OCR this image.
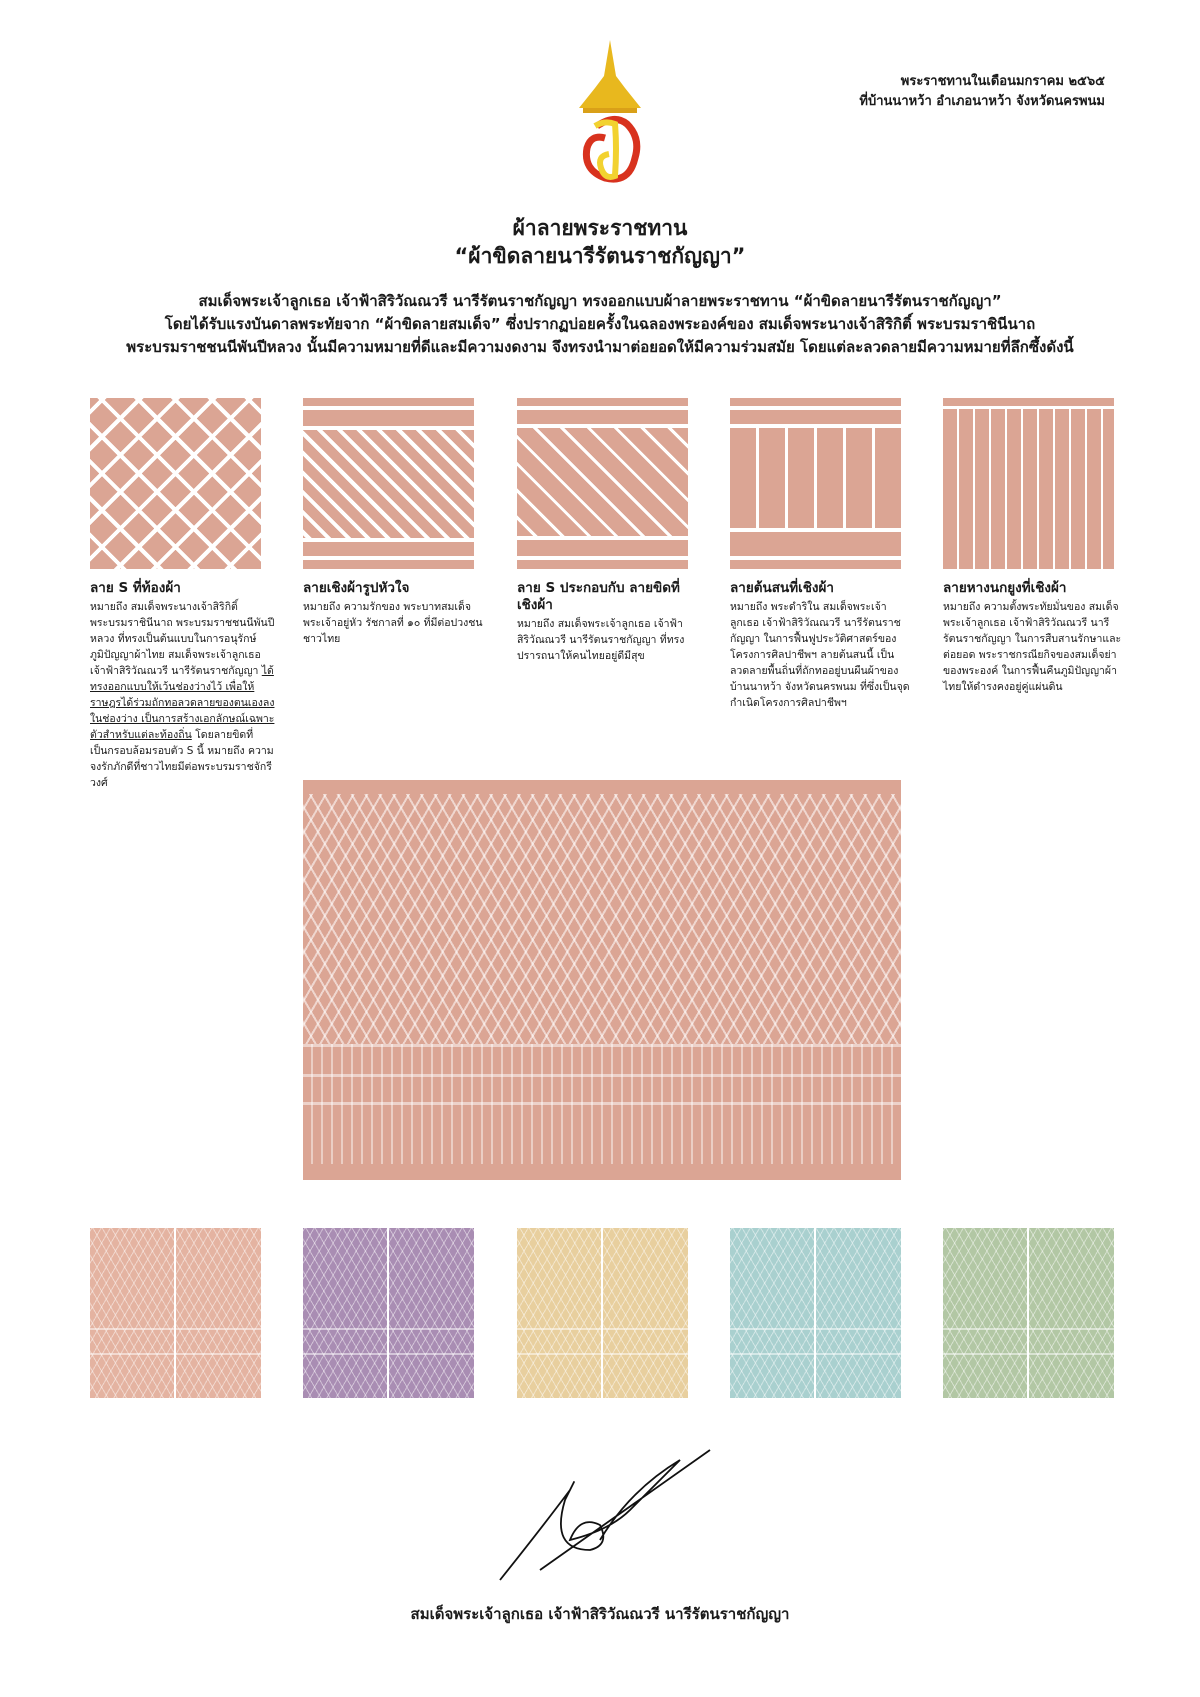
พระราชทานในเดือนมกราคม ๒๕๖๕
ที่บ้านนาหว้า อำเภอนาหว้า จังหวัดนครพนม
ผ้าลายพระราชทาน
“ผ้าขิดลายนารีรัตนราชกัญญา”
สมเด็จพระเจ้าลูกเธอ เจ้าฟ้าสิริวัณณวรี นารีรัตนราชกัญญา ทรงออกแบบผ้าลายพระราชทาน “ผ้าขิดลายนารีรัตนราชกัญญา”
โดยได้รับแรงบันดาลพระทัยจาก “ผ้าขิดลายสมเด็จ” ซึ่งปรากฏบ่อยครั้งในฉลองพระองค์ของ สมเด็จพระนางเจ้าสิริกิติ์ พระบรมราชินีนาถ
พระบรมราชชนนีพันปีหลวง นั้นมีความหมายที่ดีและมีความงดงาม จึงทรงนำมาต่อยอดให้มีความร่วมสมัย โดยแต่ละลวดลายมีความหมายที่ลึกซึ้งดังนี้
ลาย S ที่ท้องผ้า

หมายถึง สมเด็จพระนางเจ้าสิริกิติ์ พระบรมราชินีนาถ พระบรมราชชนนีพันปีหลวง ที่ทรงเป็นต้นแบบในการอนุรักษ์ภูมิปัญญาผ้าไทย สมเด็จพระเจ้าลูกเธอ เจ้าฟ้าสิริวัณณวรี นารีรัตนราชกัญญา ได้ทรงออกแบบให้เว้นช่องว่างไว้ เพื่อให้ราษฎรได้ร่วมถักทอลวดลายของตนเองลงในช่องว่าง เป็นการสร้างเอกลักษณ์เฉพาะตัวสำหรับแต่ละท้องถิ่น โดยลายขิดที่เป็นกรอบล้อมรอบตัว S นี้ หมายถึง ความจงรักภักดีที่ชาวไทยมีต่อพระบรมราชจักรีวงศ์

ลายเชิงผ้ารูปหัวใจ

หมายถึง ความรักของ พระบาทสมเด็จพระเจ้าอยู่หัว รัชกาลที่ ๑๐ ที่มีต่อปวงชนชาวไทย

ลาย S ประกอบกับ ลายขิดที่เชิงผ้า

หมายถึง สมเด็จพระเจ้าลูกเธอ เจ้าฟ้าสิริวัณณวรี นารีรัตนราชกัญญา ที่ทรงปรารถนาให้คนไทยอยู่ดีมีสุข

ลายต้นสนที่เชิงผ้า

หมายถึง พระดำริใน สมเด็จพระเจ้าลูกเธอ เจ้าฟ้าสิริวัณณวรี นารีรัตนราชกัญญา ในการฟื้นฟูประวัติศาสตร์ของโครงการศิลปาชีพฯ ลายต้นสนนี้ เป็นลวดลายพื้นถิ่นที่ถักทออยู่บนผืนผ้าของบ้านนาหว้า จังหวัดนครพนม ที่ซึ่งเป็นจุดกำเนิดโครงการศิลปาชีพฯ

ลายหางนกยูงที่เชิงผ้า

หมายถึง ความตั้งพระทัยมั่นของ สมเด็จพระเจ้าลูกเธอ เจ้าฟ้าสิริวัณณวรี นารีรัตนราชกัญญา ในการสืบสานรักษาและต่อยอด พระราชกรณียกิจของสมเด็จย่าของพระองค์ ในการฟื้นคืนภูมิปัญญาผ้าไทยให้ดำรงคงอยู่คู่แผ่นดิน

สมเด็จพระเจ้าลูกเธอ เจ้าฟ้าสิริวัณณวรี นารีรัตนราชกัญญา
